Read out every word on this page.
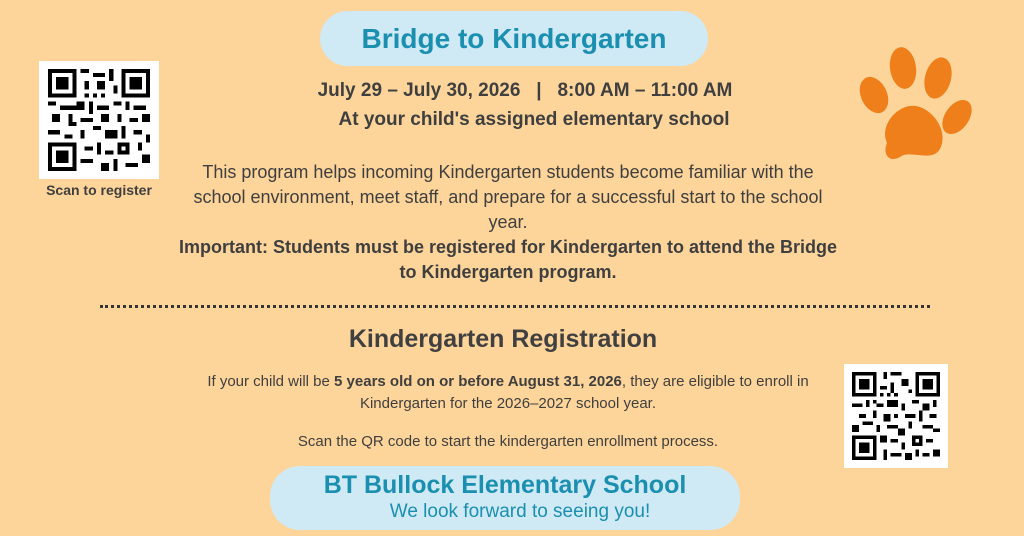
Bridge to Kindergarten
Scan to register
July 29 – July 30, 2026 | 8:00 AM – 11:00 AM
At your child's assigned elementary school
This program helps incoming Kindergarten students become familiar with the school environment, meet staff, and prepare for a successful start to the school year.
Important: Students must be registered for Kindergarten to attend the Bridge to Kindergarten program.
Kindergarten Registration
If your child will be 5 years old on or before August 31, 2026, they are eligible to enroll in Kindergarten for the 2026–2027 school year.
Scan the QR code to start the kindergarten enrollment process.
BT Bullock Elementary School
We look forward to seeing you!
